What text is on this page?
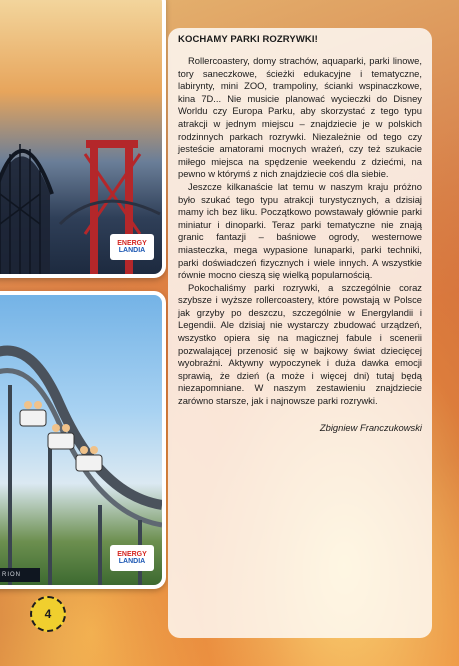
ENERGY
LANDIA
ENERGY
LANDIA
RION
4

KOCHAMY PARKI ROZRYWKI!

Rollercoastery, domy strachów, aquaparki, parki linowe, tory saneczkowe, ścieżki edukacyjne i tematyczne, labirynty, mini ZOO, trampoliny, ścianki wspinaczkowe, kina 7D... Nie musicie planować wycieczki do Disney Worldu czy Europa Parku, aby skorzystać z tego typu atrakcji w jednym miejscu – znajdziecie je w polskich rodzinnych parkach rozrywki. Niezależnie od tego czy jesteście amatorami mocnych wrażeń, czy też szukacie miłego miejsca na spędzenie weekendu z dziećmi, na pewno w którymś z nich znajdziecie coś dla siebie.

Jeszcze kilkanaście lat temu w naszym kraju próżno było szukać tego typu atrakcji turystycznych, a dzisiaj mamy ich bez liku. Początkowo powstawały głównie parki miniatur i dinoparki. Teraz parki tematyczne nie znają granic fantazji – baśniowe ogrody, westernowe miasteczka, mega wypasione lunaparki, parki techniki, parki doświadczeń fizycznych i wiele innych. A wszystkie równie mocno cieszą się wielką popularnością.

Pokochaliśmy parki rozrywki, a szczególnie coraz szybsze i wyższe rollercoastery, które powstają w Polsce jak grzyby po deszczu, szczególnie w Energylandii i Legendii. Ale dzisiaj nie wystarczy zbudować urządzeń, wszystko opiera się na magicznej fabule i scenerii pozwalającej przenosić się w bajkowy świat dziecięcej wyobraźni. Aktywny wypoczynek i duża dawka emocji sprawią, że dzień (a może i więcej dni) tutaj będą niezapomniane. W naszym zestawieniu znajdziecie zarówno starsze, jak i najnowsze parki rozrywki.

Zbigniew Franczukowski
